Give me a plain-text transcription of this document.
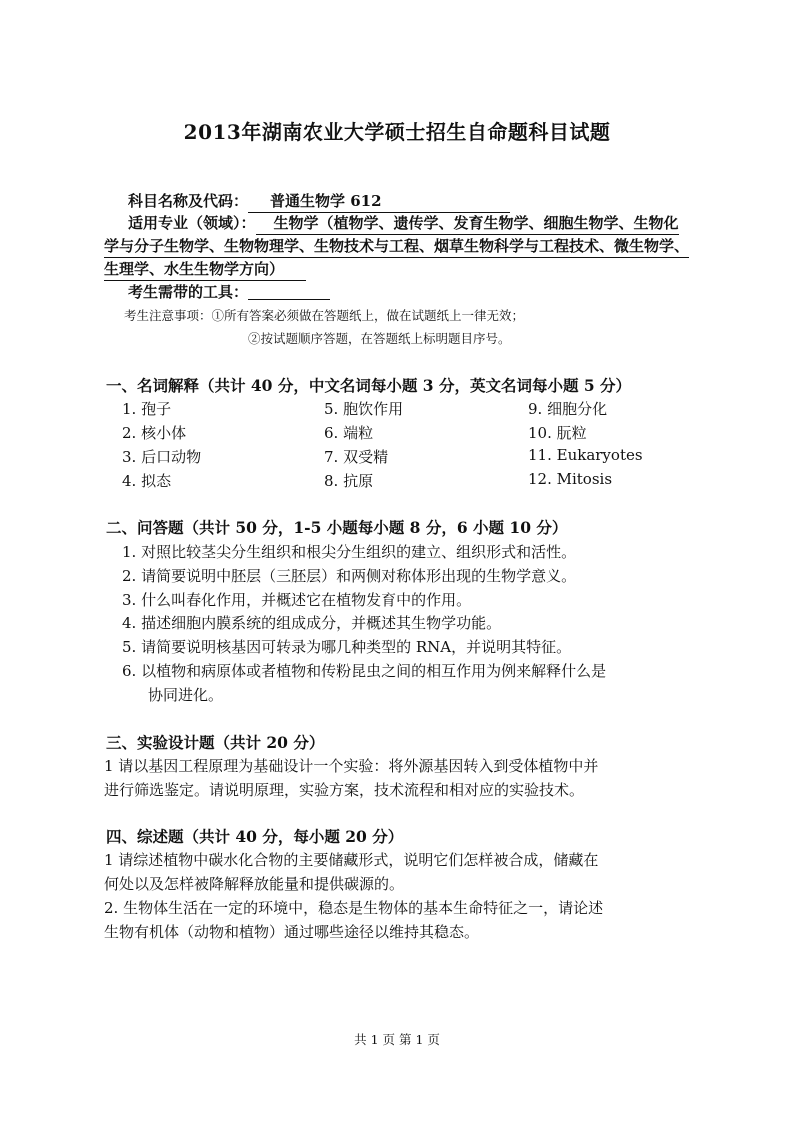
2013年湖南农业大学硕士招生自命题科目试题
科目名称及代码： 普通生物学 612
适用专业（领域）： 生物学（植物学、遗传学、发育生物学、细胞生物学、生物化
学与分子生物学、生物物理学、生物技术与工程、烟草生物科学与工程技术、微生物学、
生理学、水生生物学方向）
考生需带的工具：
考生注意事项：①所有答案必须做在答题纸上，做在试题纸上一律无效；
②按试题顺序答题，在答题纸上标明题目序号。
一、名词解释（共计 40 分，中文名词每小题 3 分，英文名词每小题 5 分）
1. 孢子	5. 胞饮作用	9. 细胞分化
2. 核小体	6. 端粒	10. 朊粒
3. 后口动物	7. 双受精	11. Eukaryotes
4. 拟态	8. 抗原	12. Mitosis
二、问答题（共计 50 分，1-5 小题每小题 8 分，6 小题 10 分）
1. 对照比较茎尖分生组织和根尖分生组织的建立、组织形式和活性。
2. 请简要说明中胚层（三胚层）和两侧对称体形出现的生物学意义。
3. 什么叫春化作用，并概述它在植物发育中的作用。
4. 描述细胞内膜系统的组成成分，并概述其生物学功能。
5. 请简要说明核基因可转录为哪几种类型的 RNA，并说明其特征。
6. 以植物和病原体或者植物和传粉昆虫之间的相互作用为例来解释什么是
协同进化。
三、实验设计题（共计 20 分）
1 请以基因工程原理为基础设计一个实验：将外源基因转入到受体植物中并
进行筛选鉴定。请说明原理，实验方案，技术流程和相对应的实验技术。
四、综述题（共计 40 分，每小题 20 分）
1 请综述植物中碳水化合物的主要储藏形式，说明它们怎样被合成，储藏在
何处以及怎样被降解释放能量和提供碳源的。
2. 生物体生活在一定的环境中，稳态是生物体的基本生命特征之一，请论述
生物有机体（动物和植物）通过哪些途径以维持其稳态。
共 1 页 第 1 页
